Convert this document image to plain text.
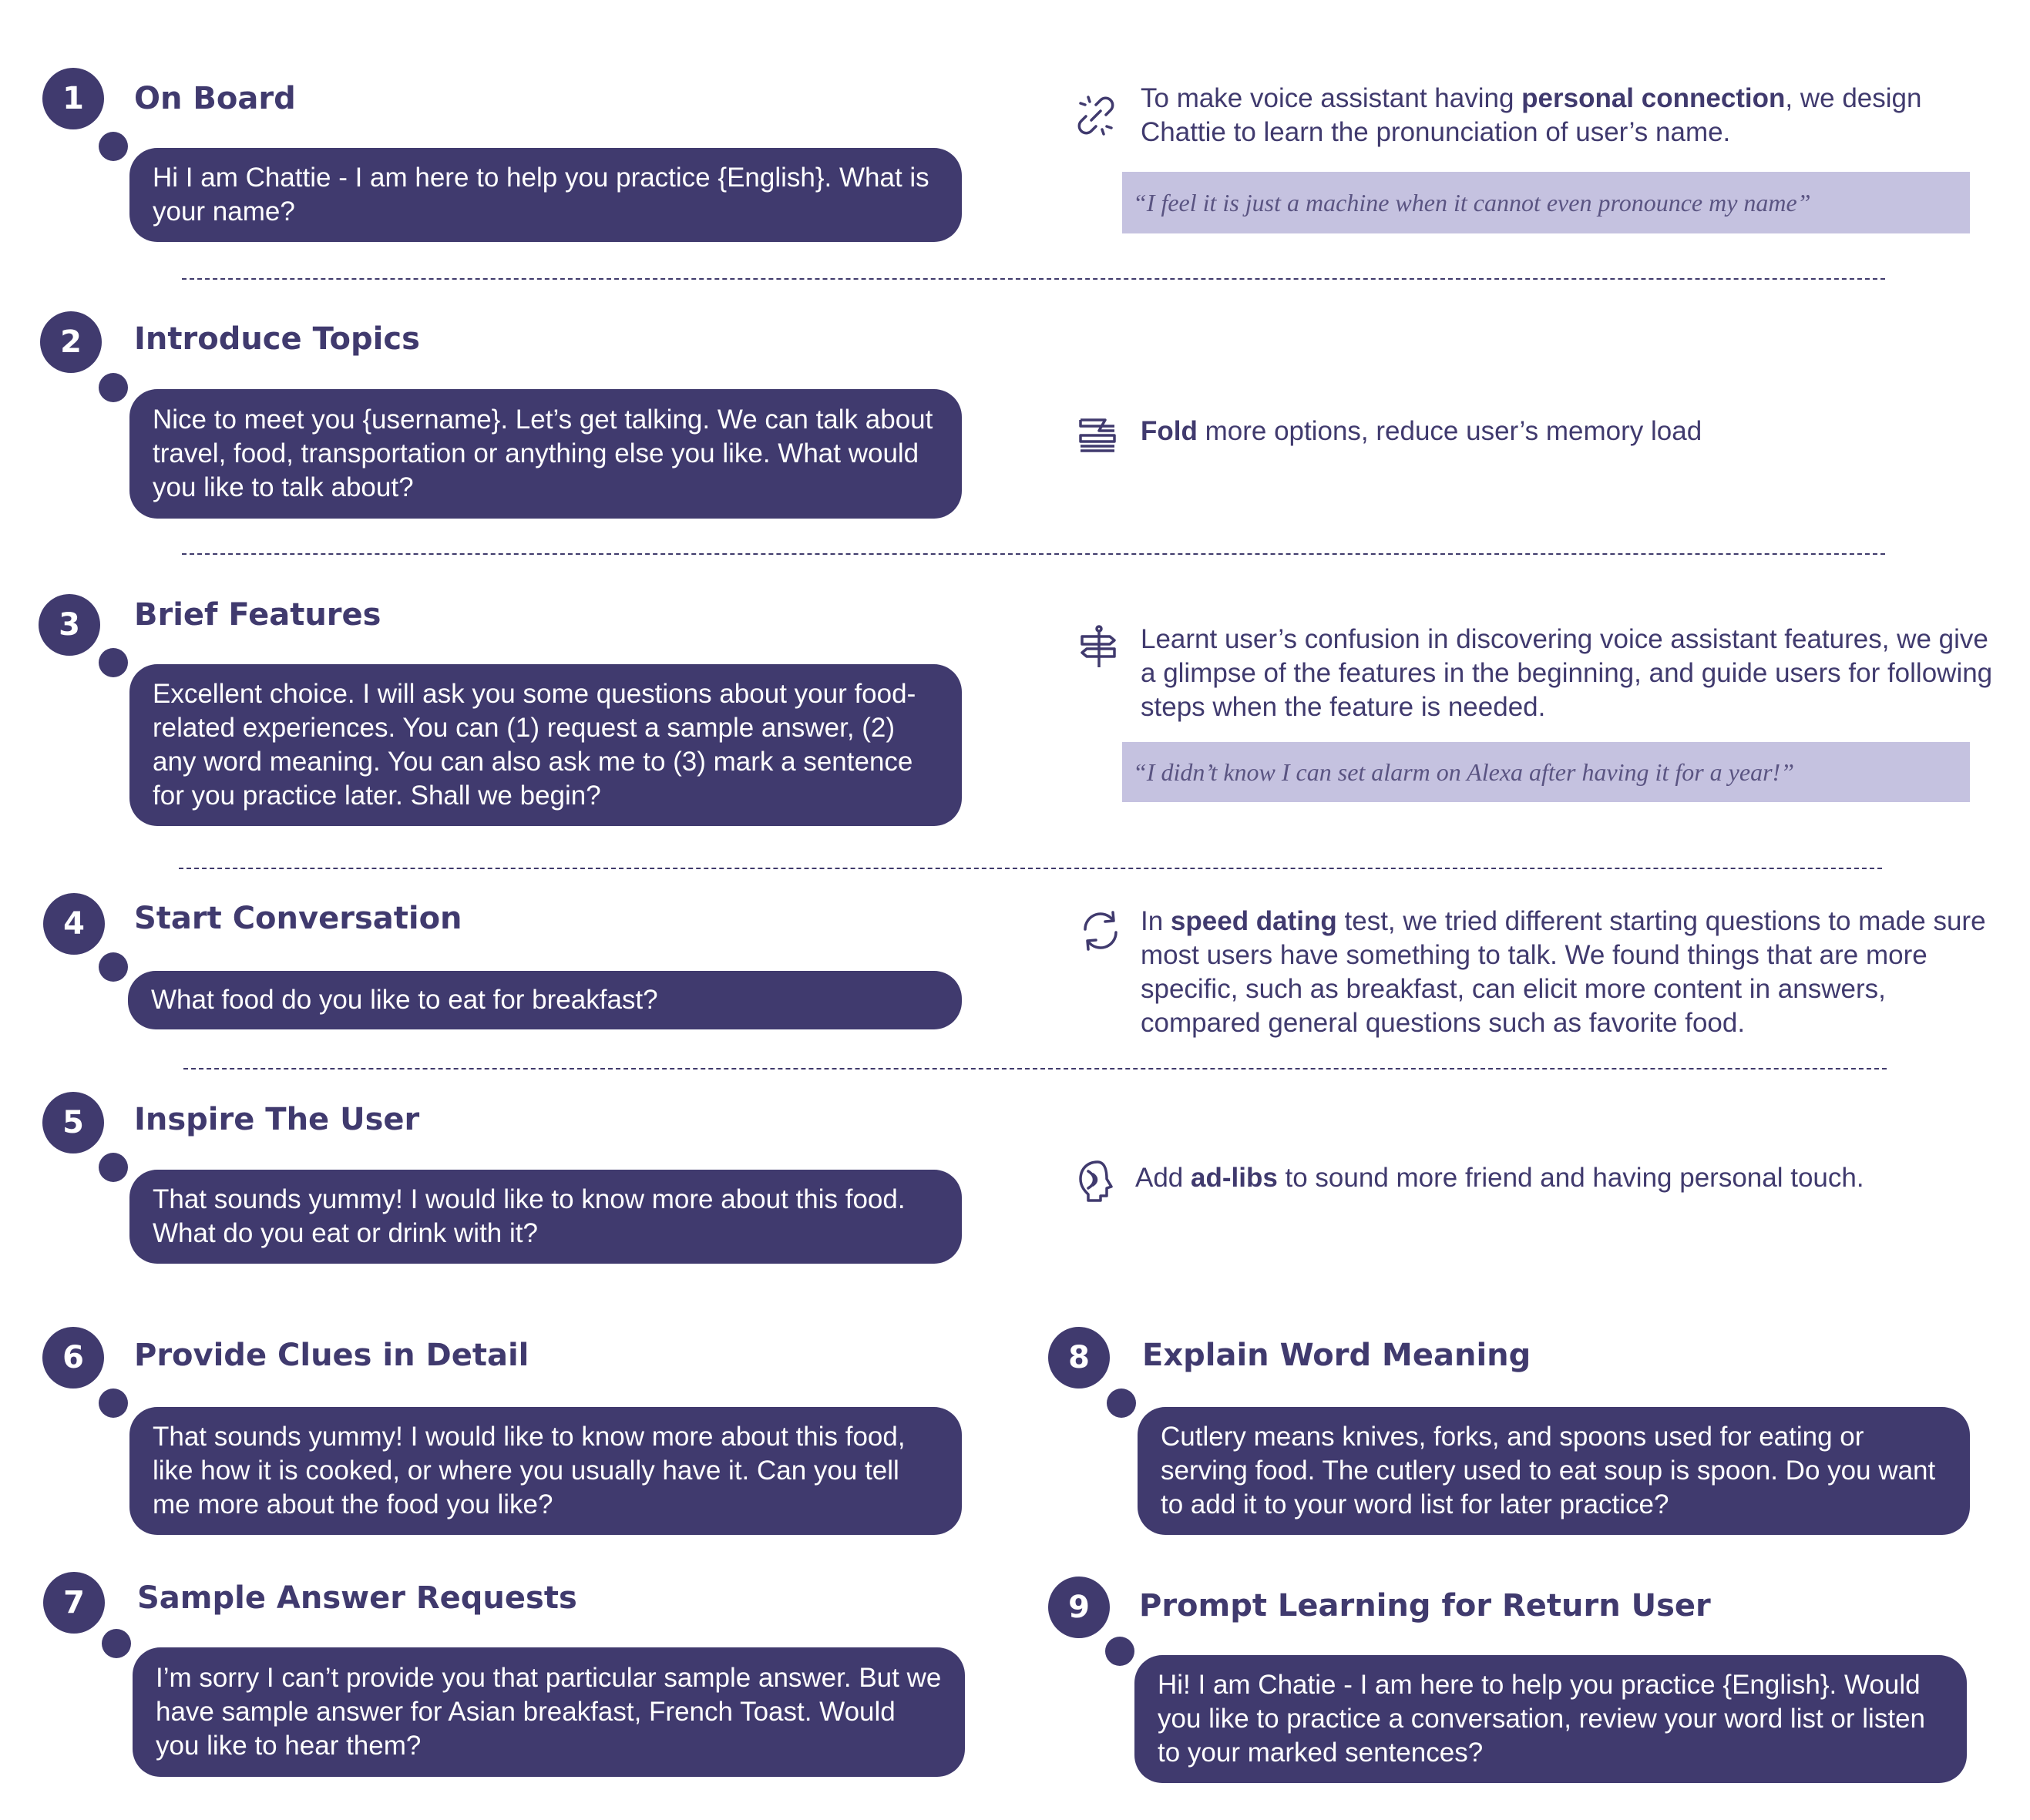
1 On Board
Hi I am Chattie - I am here to help you practice {English}. What is your name?
To make voice assistant having personal connection, we design Chattie to learn the pronunciation of user’s name.
“I feel it is just a machine when it cannot even pronounce my name”
2 Introduce Topics
Nice to meet you {username}. Let’s get talking. We can talk about travel, food, transportation or anything else you like. What would you like to talk about?
Fold more options, reduce user’s memory load
3 Brief Features
Excellent choice. I will ask you some questions about your food-related experiences. You can (1) request a sample answer, (2) any word meaning. You can also ask me to (3) mark a sentence for you practice later. Shall we begin?
Learnt user’s confusion in discovering voice assistant features, we give a glimpse of the features in the beginning, and guide users for following steps when the feature is needed.
“I didn’t know I can set alarm on Alexa after having it for a year!”
4 Start Conversation
What food do you like to eat for breakfast?
In speed dating test, we tried different starting questions to made sure most users have something to talk. We found things that are more specific, such as breakfast, can elicit more content in answers, compared general questions such as favorite food.
5 Inspire The User
That sounds yummy! I would like to know more about this food. What do you eat or drink with it?
Add ad-libs to sound more friend and having personal touch.
6 Provide Clues in Detail
That sounds yummy! I would like to know more about this food, like how it is cooked, or where you usually have it. Can you tell me more about the food you like?
7 Sample Answer Requests
I’m sorry I can’t provide you that particular sample answer. But we have sample answer for Asian breakfast, French Toast. Would you like to hear them?
8 Explain Word Meaning
Cutlery means knives, forks, and spoons used for eating or serving food. The cutlery used to eat soup is spoon. Do you want to add it to your word list for later practice?
9 Prompt Learning for Return User
Hi! I am Chatie - I am here to help you practice {English}. Would you like to practice a conversation, review your word list or listen to your marked sentences?
